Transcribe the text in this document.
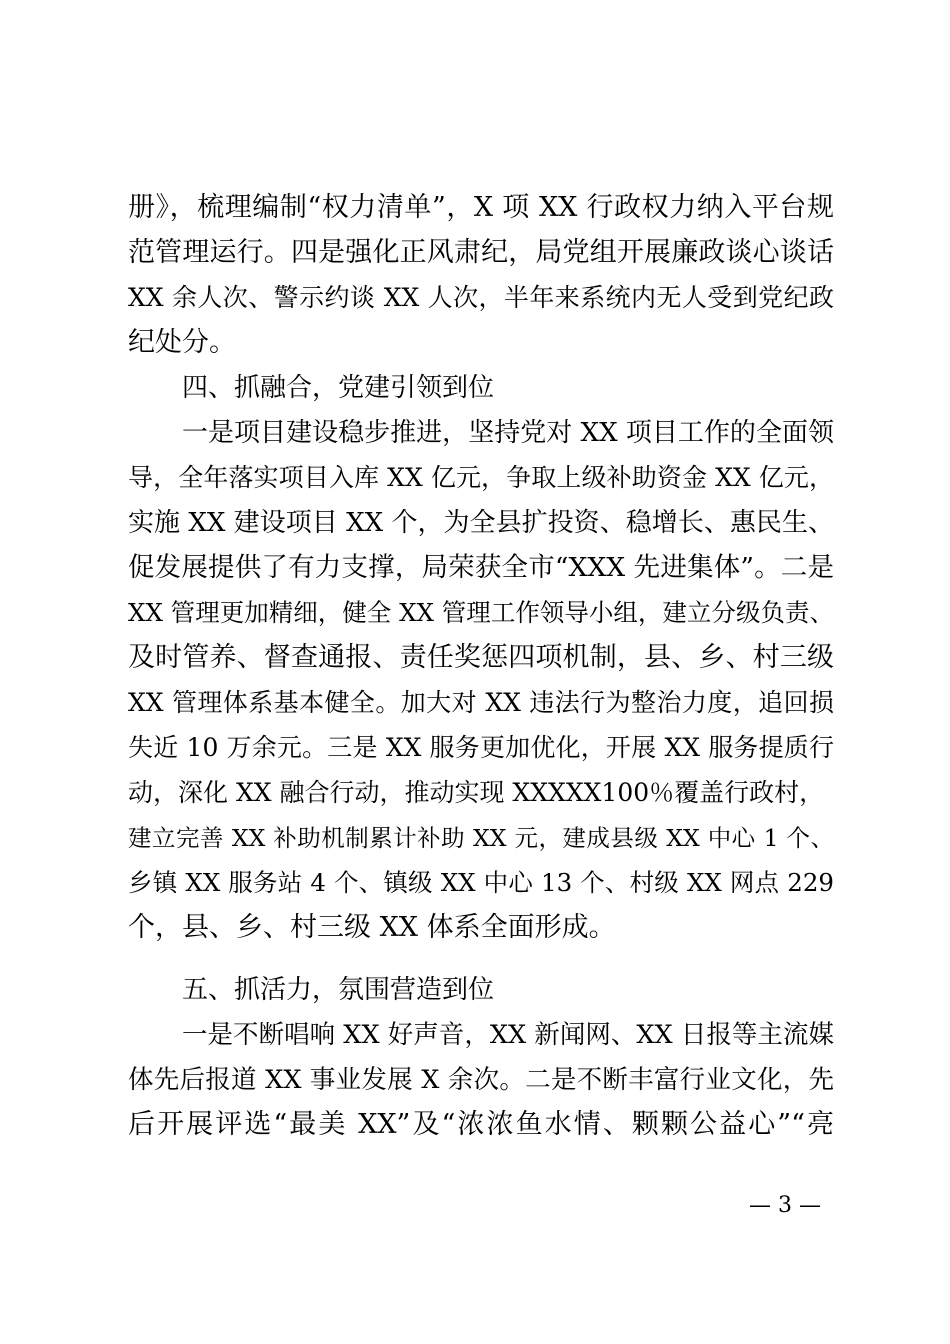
册》，梳理编制“权力清单”，X 项 XX 行政权力纳入平台规
范管理运行。四是强化正风肃纪，局党组开展廉政谈心谈话
XX 余人次、警示约谈 XX 人次，半年来系统内无人受到党纪政
纪处分。
四、抓融合，党建引领到位
一是项目建设稳步推进，坚持党对 XX 项目工作的全面领
导，全年落实项目入库 XX 亿元，争取上级补助资金 XX 亿元，
实施 XX 建设项目 XX 个，为全县扩投资、稳增长、惠民生、
促发展提供了有力支撑，局荣获全市“XXX 先进集体”。二是
XX 管理更加精细，健全 XX 管理工作领导小组，建立分级负责、
及时管养、督查通报、责任奖惩四项机制，县、乡、村三级
XX 管理体系基本健全。加大对 XX 违法行为整治力度，追回损
失近 10 万余元。三是 XX 服务更加优化，开展 XX 服务提质行
动，深化 XX 融合行动，推动实现 XXXXX100％覆盖行政村，
建立完善 XX 补助机制累计补助 XX 元，建成县级 XX 中心 1 个、
乡镇 XX 服务站 4 个、镇级 XX 中心 13 个、村级 XX 网点 229
个，县、乡、村三级 XX 体系全面形成。
五、抓活力，氛围营造到位
一是不断唱响 XX 好声音，XX 新闻网、XX 日报等主流媒
体先后报道 XX 事业发展 X 余次。二是不断丰富行业文化，先
后开展评选“最美 XX”及“浓浓鱼水情、颗颗公益心”“亮
— 3 —
